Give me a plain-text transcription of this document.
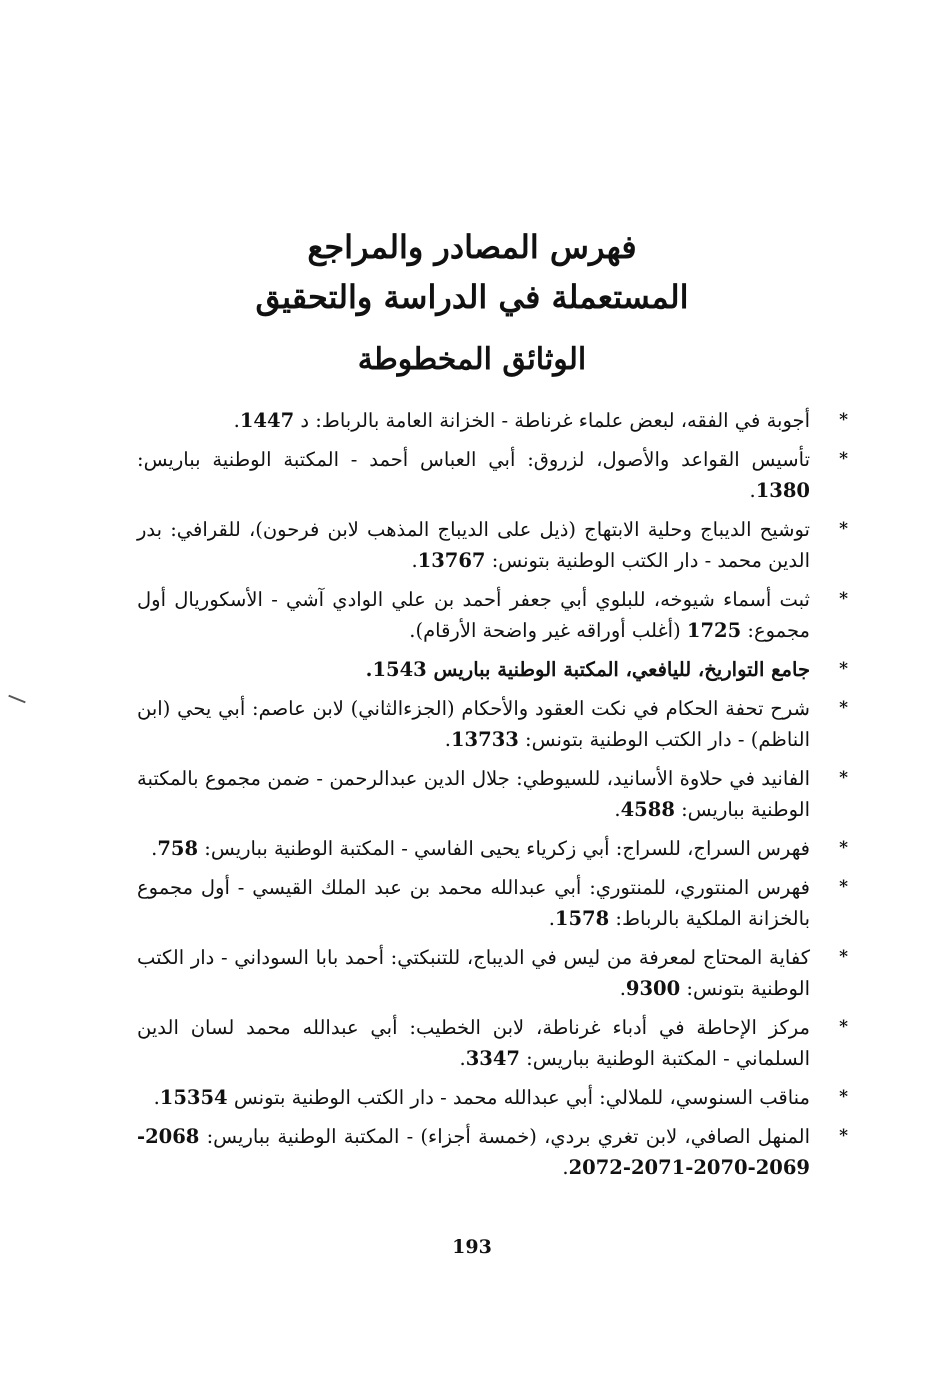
فهرس المصادر والمراجع

المستعملة في الدراسة والتحقيق

الوثائق المخطوطة

*
أجوبة في الفقه، لبعض علماء غرناطة - الخزانة العامة بالرباط: د 1447.
*
تأسيس القواعد والأصول، لزروق: أبي العباس أحمد - المكتبة الوطنية بباريس: 1380.
*
توشيح الديباج وحلية الابتهاج (ذيل على الديباج المذهب لابن فرحون)، للقرافي: بدر الدين محمد - دار الكتب الوطنية بتونس: 13767.
*
ثبت أسماء شيوخه، للبلوي أبي جعفر أحمد بن علي الوادي آشي - الأسكوريال أول مجموع: 1725 (أغلب أوراقه غير واضحة الأرقام).
*
جامع التواريخ، لليافعي، المكتبة الوطنية بباريس 1543.
*
شرح تحفة الحكام في نكت العقود والأحكام (الجزءالثاني) لابن عاصم: أبي يحي (ابن الناظم) - دار الكتب الوطنية بتونس: 13733.
*
الفانيد في حلاوة الأسانيد، للسيوطي: جلال الدين عبدالرحمن - ضمن مجموع بالمكتبة الوطنية بباريس: 4588.
*
فهرس السراج، للسراج: أبي زكرياء يحيى الفاسي - المكتبة الوطنية بباريس: 758.
*
فهرس المنتوري، للمنتوري: أبي عبدالله محمد بن عبد الملك القيسي - أول مجموع بالخزانة الملكية بالرباط: 1578.
*
كفاية المحتاج لمعرفة من ليس في الديباج، للتنبكتي: أحمد بابا السوداني - دار الكتب الوطنية بتونس: 9300.
*
مركز الإحاطة في أدباء غرناطة، لابن الخطيب: أبي عبدالله محمد لسان الدين السلماني - المكتبة الوطنية بباريس: 3347.
*
مناقب السنوسي، للملالي: أبي عبدالله محمد - دار الكتب الوطنية بتونس 15354.
*
المنهل الصافي، لابن تغري بردي، (خمسة أجزاء) - المكتبة الوطنية بباريس: 2068-2069-2070-2071-2072.
193
